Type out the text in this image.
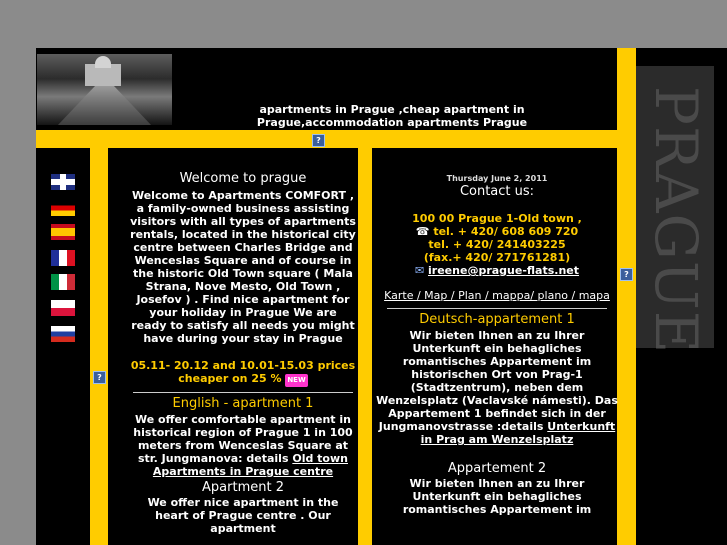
apartments in Prague ,cheap apartment in Prague,accommodation apartments Prague
?
?
?
PRAGUE
Welcome to prague
Welcome to Apartments COMFORT , a family-owned business assisting visitors with all types of apartments rentals, located in the historical city centre between Charles Bridge and Wenceslas Square and of course in the historic Old Town square ( Mala Strana, Nove Mesto, Old Town , Josefov ) . Find nice apartment for your holiday in Prague We are ready to satisfy all needs you might have during your stay in Prague
05.11- 20.12 and 10.01-15.03 prices cheaper on 25 % NEW
English - apartment 1
We offer comfortable apartment in historical region of Prague 1 in 100 meters from Wenceslas Square at str. Jungmanova: details Old town Apartments in Prague centre
Apartment 2
We offer nice apartment in the heart of Prague centre . Our apartment
Thursday June 2, 2011
Contact us:
100 00 Prague 1-Old town ,
☎ tel. + 420/ 608 609 720
tel. + 420/ 241403225
(fax.+ 420/ 271761281)
✉ ireene@prague-flats.net
Karte / Map / Plan / mappa/ plano / mapa
Deutsch-appartement 1
Wir bieten Ihnen an zu Ihrer Unterkunft ein behagliches romantisches Appartement im historischen Ort von Prag-1 (Stadtzentrum), neben dem Wenzelsplatz (Vaclavské námesti). Das Appartement 1 befindet sich in der Jungmanovstrasse :details Unterkunft in Prag am Wenzelsplatz
Appartement 2
Wir bieten Ihnen an zu Ihrer Unterkunft ein behagliches romantisches Appartement im
